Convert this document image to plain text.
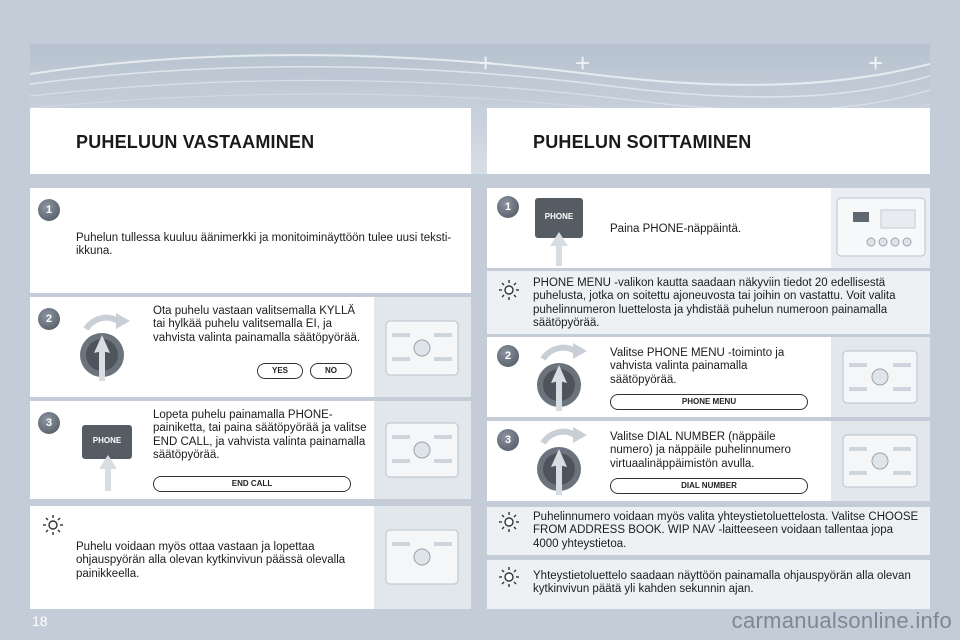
+	+	+
PUHELUUN VASTAAMINEN	PUHELUN SOITTAMINEN
1
Puhelun tullessa kuuluu äänimerkki ja monitoiminäyttöön tulee uusi teksti-ikkuna.
2
Ota puhelu vastaan valitsemalla KYLLÄ tai hylkää puhelu valitsemalla EI, ja vahvista valinta painamalla säätöpyörää.
YES	NO
3
PHONE
Lopeta puhelu painamalla PHONE-painiketta, tai paina säätöpyörää ja valitse END CALL, ja vahvista valinta painamalla säätöpyörää.
END CALL
Puhelu voidaan myös ottaa vastaan ja lopettaa ohjauspyörän alla olevan kytkinvivun päässä olevalla painikkeella.
1
PHONE
Paina PHONE-näppäintä.
PHONE MENU -valikon kautta saadaan näkyviin tiedot 20 edellisestä puhelusta, jotka on soitettu ajoneuvosta tai joihin on vastattu. Voit valita puhelinnumeron luettelosta ja yhdistää puhelun numeroon painamalla säätöpyörää.
2	Valitse PHONE MENU -toiminto ja vahvista valinta painamalla säätöpyörää.
PHONE MENU
3	Valitse DIAL NUMBER (näppäile numero) ja näppäile puhelinnumero virtuaalinäppäimistön avulla.
DIAL NUMBER
Puhelinnumero voidaan myös valita yhteystietoluettelosta. Valitse CHOOSE FROM ADDRESS BOOK. WIP NAV -laitteeseen voidaan tallentaa jopa 4000 yhteystietoa.
Yhteystietoluettelo saadaan näyttöön painamalla ohjauspyörän alla olevan kytkinvivun päätä yli kahden sekunnin ajan.
18	carmanualsonline.info
